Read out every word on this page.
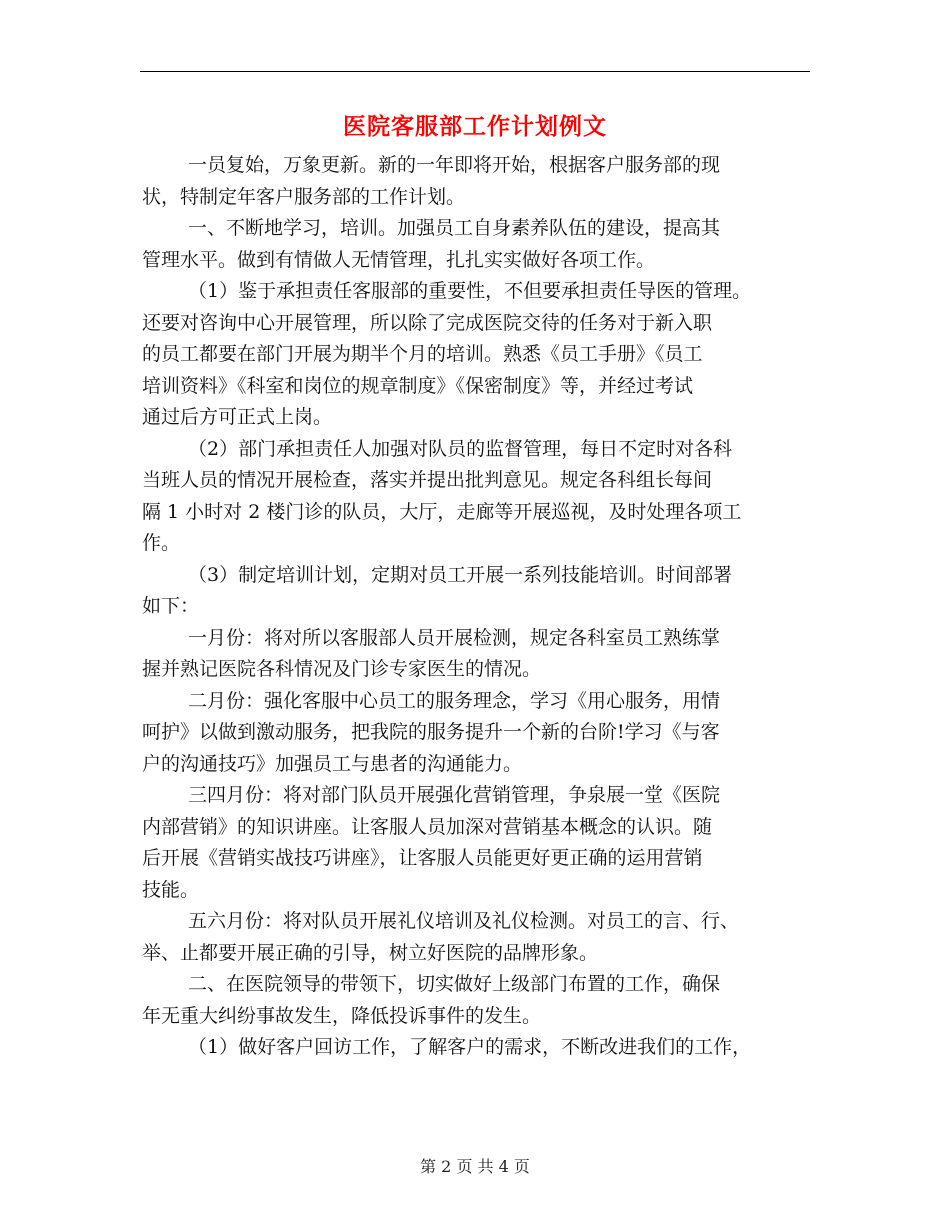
医院客服部工作计划例文
一员复始，万象更新。新的一年即将开始，根据客户服务部的现
状，特制定年客户服务部的工作计划。
一、不断地学习，培训。加强员工自身素养队伍的建设，提高其
管理水平。做到有情做人无情管理，扎扎实实做好各项工作。
（1）鉴于承担责任客服部的重要性，不但要承担责任导医的管理。
还要对咨询中心开展管理，所以除了完成医院交待的任务对于新入职
的员工都要在部门开展为期半个月的培训。熟悉《员工手册》《员工
培训资料》《科室和岗位的规章制度》《保密制度》等，并经过考试
通过后方可正式上岗。
（2）部门承担责任人加强对队员的监督管理，每日不定时对各科
当班人员的情况开展检查，落实并提出批判意见。规定各科组长每间
隔 1 小时对 2 楼门诊的队员，大厅，走廊等开展巡视，及时处理各项工
作。
（3）制定培训计划，定期对员工开展一系列技能培训。时间部署
如下：
一月份：将对所以客服部人员开展检测，规定各科室员工熟练掌
握并熟记医院各科情况及门诊专家医生的情况。
二月份：强化客服中心员工的服务理念，学习《用心服务，用情
呵护》以做到激动服务，把我院的服务提升一个新的台阶!学习《与客
户的沟通技巧》加强员工与患者的沟通能力。
三四月份：将对部门队员开展强化营销管理，争泉展一堂《医院
内部营销》的知识讲座。让客服人员加深对营销基本概念的认识。随
后开展《营销实战技巧讲座》，让客服人员能更好更正确的运用营销
技能。
五六月份：将对队员开展礼仪培训及礼仪检测。对员工的言、行、
举、止都要开展正确的引导，树立好医院的品牌形象。
二、在医院领导的带领下，切实做好上级部门布置的工作，确保
年无重大纠纷事故发生，降低投诉事件的发生。
（1）做好客户回访工作，了解客户的需求，不断改进我们的工作，
第 2 页 共 4 页
